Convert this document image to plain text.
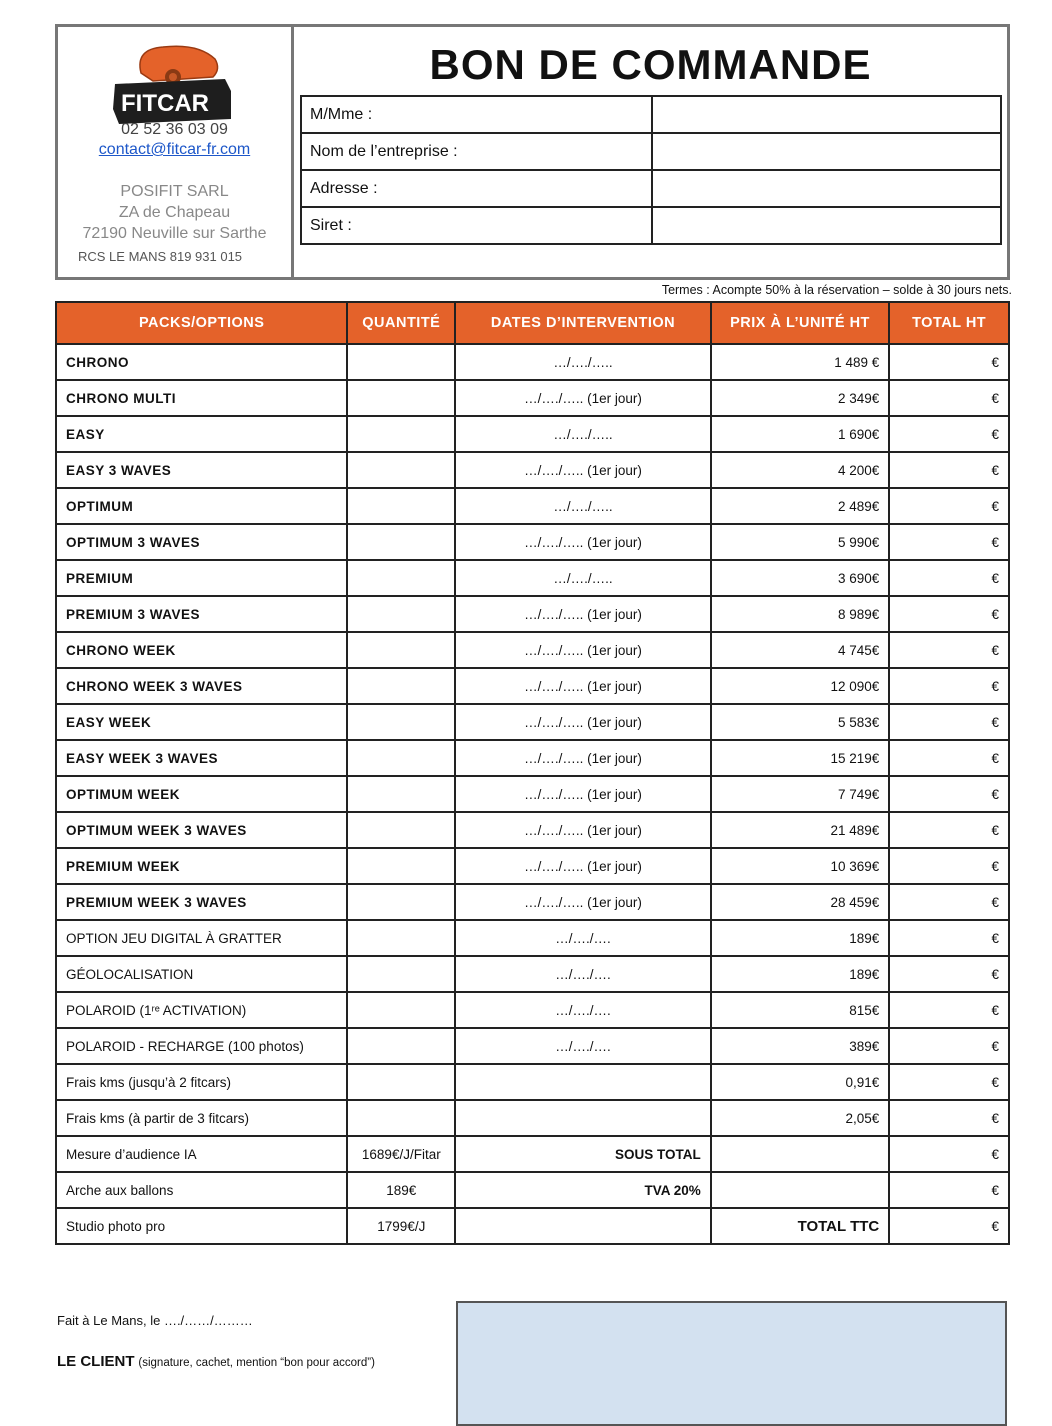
FITCAR
02 52 36 03 09
contact@fitcar-fr.com
POSIFIT SARL
ZA de Chapeau
72190 Neuville sur Sarthe
RCS LE MANS 819 931 015
BON DE COMMANDE
M/Mme :	
Nom de l’entreprise :	
Adresse :	
Siret :	
Termes : Acompte 50% à la réservation – solde à 30 jours nets.
PACKS/OPTIONS	QUANTITÉ	DATES D’INTERVENTION	PRIX À L’UNITÉ HT	TOTAL HT
CHRONO		…/…./…..	1 489 €	€
CHRONO MULTI		…/…./….. (1er jour)	2 349€	€
EASY		…/…./…..	1 690€	€
EASY 3 WAVES		…/…./….. (1er jour)	4 200€	€
OPTIMUM		…/…./…..	2 489€	€
OPTIMUM 3 WAVES		…/…./….. (1er jour)	5 990€	€
PREMIUM		…/…./…..	3 690€	€
PREMIUM 3 WAVES		…/…./….. (1er jour)	8 989€	€
CHRONO WEEK		…/…./….. (1er jour)	4 745€	€
CHRONO WEEK 3 WAVES		…/…./….. (1er jour)	12 090€	€
EASY WEEK		…/…./….. (1er jour)	5 583€	€
EASY WEEK 3 WAVES		…/…./….. (1er jour)	15 219€	€
OPTIMUM WEEK		…/…./….. (1er jour)	7 749€	€
OPTIMUM WEEK 3 WAVES		…/…./….. (1er jour)	21 489€	€
PREMIUM WEEK		…/…./….. (1er jour)	10 369€	€
PREMIUM WEEK 3 WAVES		…/…./….. (1er jour)	28 459€	€
OPTION JEU DIGITAL À GRATTER		…/…./….	189€	€
GÉOLOCALISATION		…/…./….	189€	€
POLAROID (1ʳᵉ ACTIVATION)		…/…./….	815€	€
POLAROID - RECHARGE (100 photos)		…/…./….	389€	€
Frais kms (jusqu’à 2 fitcars)			0,91€	€
Frais kms (à partir de 3 fitcars)			2,05€	€
Mesure d’audience IA	1689€/J/Fitar	SOUS TOTAL		€
Arche aux ballons	189€	TVA 20%		€
Studio photo pro	1799€/J		TOTAL TTC	€
Fait à Le Mans, le …./……/………
LE CLIENT (signature, cachet, mention “bon pour accord”)
